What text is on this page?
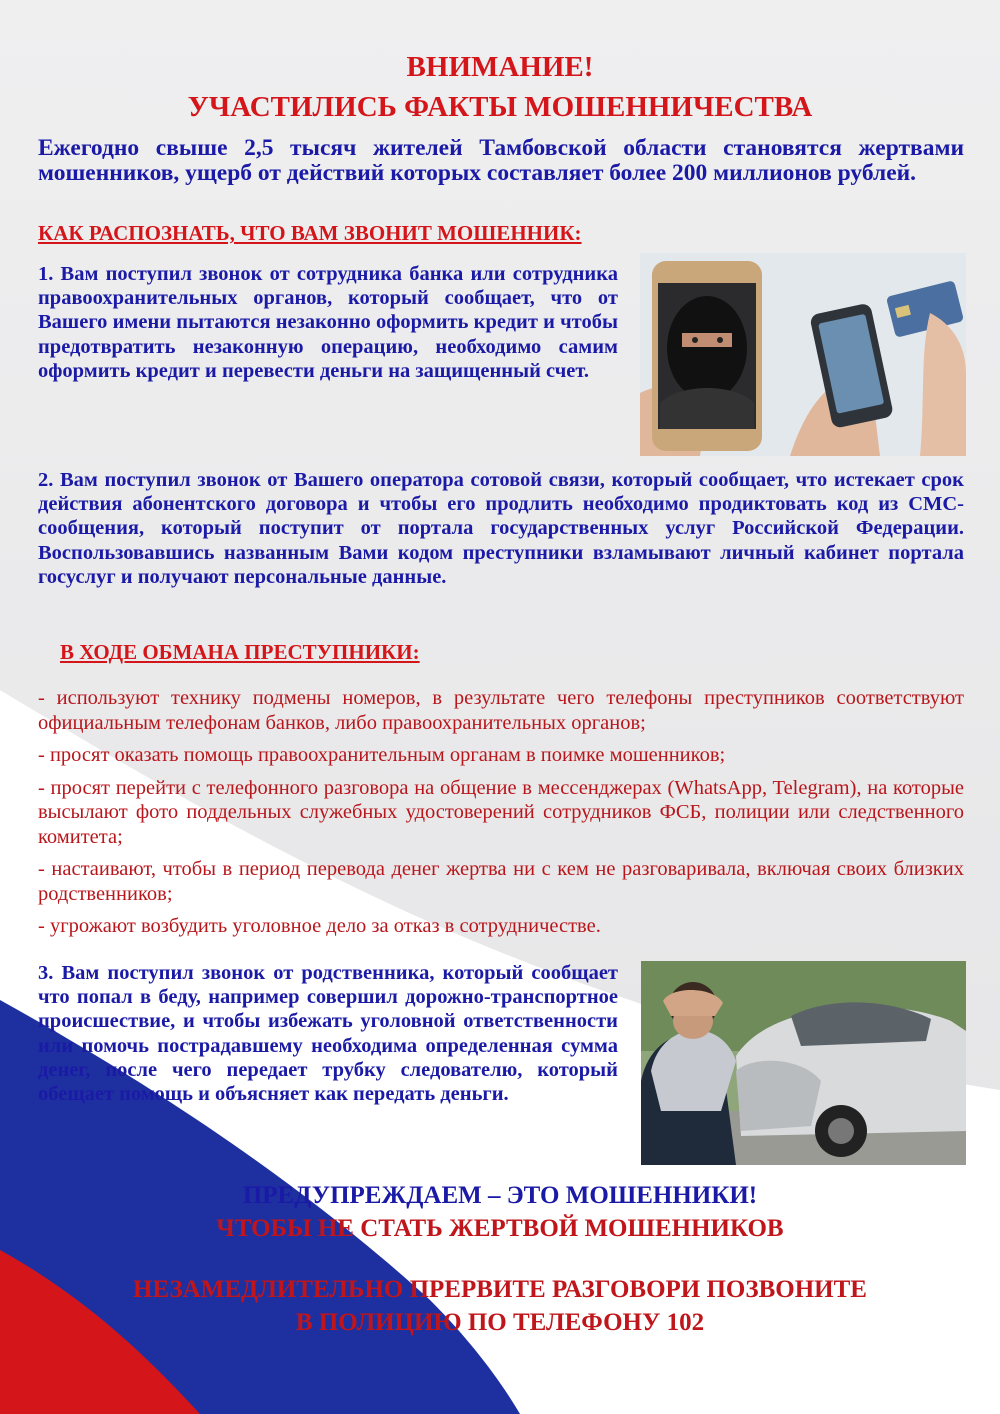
ВНИМАНИЕ!
УЧАСТИЛИСЬ ФАКТЫ МОШЕННИЧЕСТВА

Ежегодно свыше 2,5 тысяч жителей Тамбовской области становятся жертвами мошенников, ущерб от действий которых составляет более 200 миллионов рублей.

КАК РАСПОЗНАТЬ, ЧТО ВАМ ЗВОНИТ МОШЕННИК:

1. Вам поступил звонок от сотрудника банка или сотрудника правоохранительных органов, который сообщает, что от Вашего имени пытаются незаконно оформить кредит и чтобы предотвратить незаконную операцию, необходимо самим оформить кредит и перевести деньги на защищенный счет.

2. Вам поступил звонок от Вашего оператора сотовой связи, который сообщает, что истекает срок действия абонентского договора и чтобы его продлить необходимо продиктовать код из СМС-сообщения, который поступит от портала государственных услуг Российской Федерации. Воспользовавшись названным Вами кодом преступники взламывают личный кабинет портала госуслуг и получают персональные данные.

В ХОДЕ ОБМАНА ПРЕСТУПНИКИ:

- используют технику подмены номеров, в результате чего телефоны преступников соответствуют официальным телефонам банков, либо правоохранительных органов;

- просят оказать помощь правоохранительным органам в поимке мошенников;

- просят перейти с телефонного разговора на общение в мессенджерах (WhatsApp, Telegram), на которые высылают фото поддельных служебных удостоверений сотрудников ФСБ, полиции или следственного комитета;

- настаивают, чтобы в период перевода денег жертва ни с кем не разговаривала, включая своих близких родственников;

- угрожают возбудить уголовное дело за отказ в сотрудничестве.

3. Вам поступил звонок от родственника, который сообщает что попал в беду, например совершил дорожно-транспортное происшествие, и чтобы избежать уголовной ответственности или помочь пострадавшему необходима определенная сумма денег, после чего передает трубку следователю, который обещает помощь и объясняет как передать деньги.

ПРЕДУПРЕЖДАЕМ – ЭТО МОШЕННИКИ!

ЧТОБЫ НЕ СТАТЬ ЖЕРТВОЙ МОШЕННИКОВ

НЕЗАМЕДЛИТЕЛЬНО ПРЕРВИТЕ РАЗГОВОРИ ПОЗВОНИТЕ

В ПОЛИЦИЮ ПО ТЕЛЕФОНУ 102
